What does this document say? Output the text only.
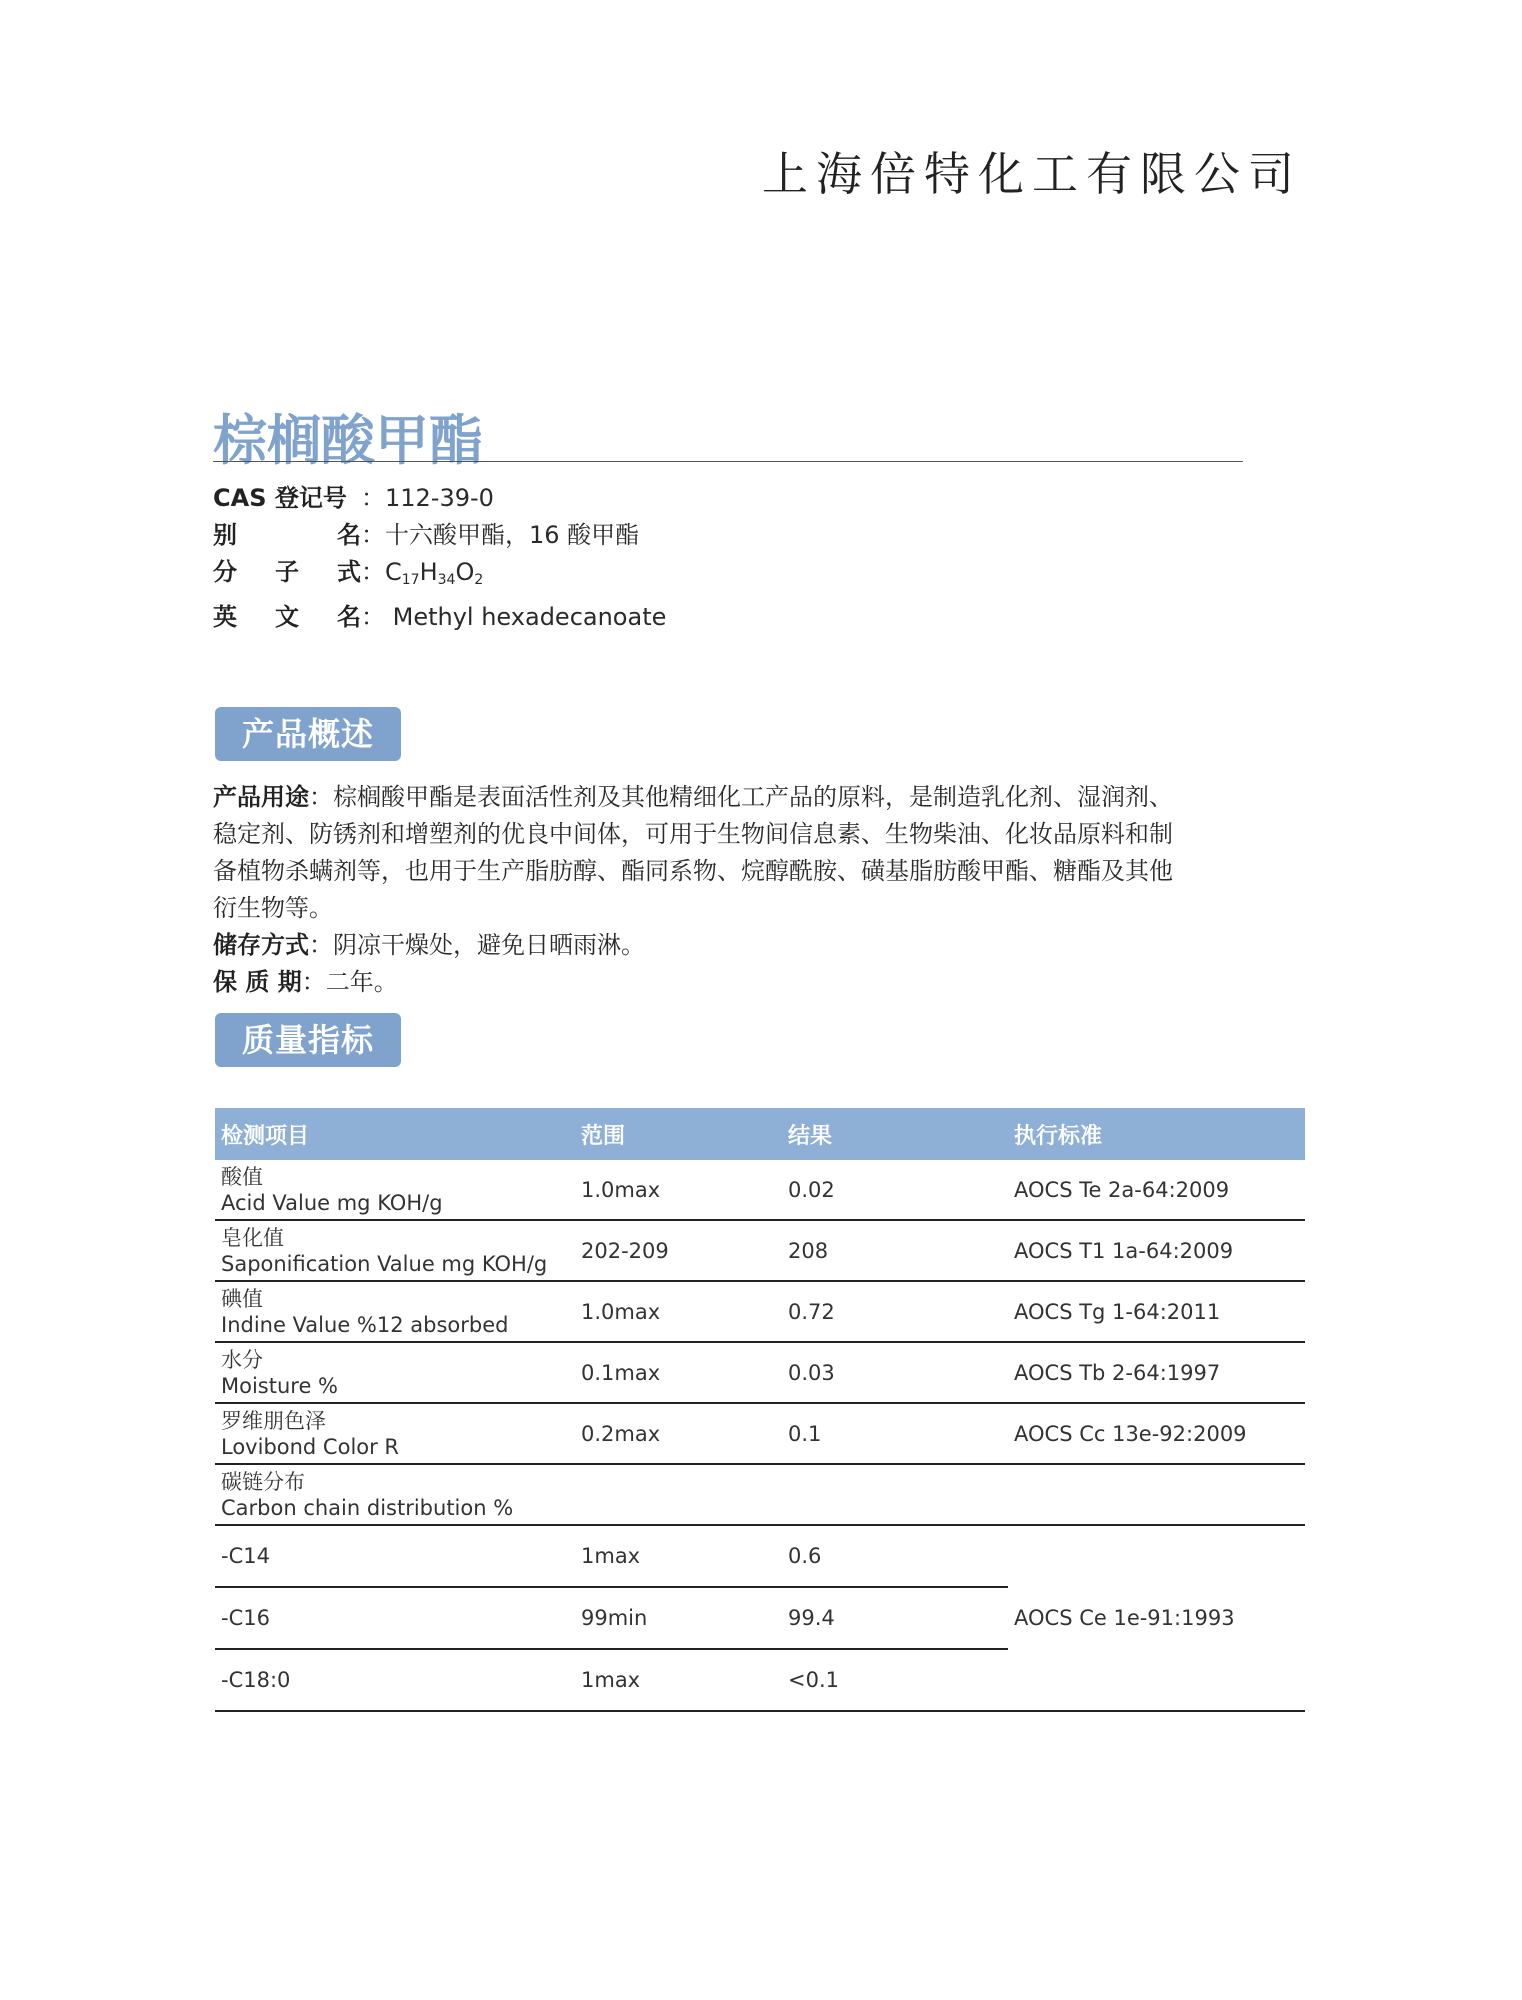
上海倍特化工有限公司
棕榈酸甲酯
CAS 登记号 ： 112-39-0
别	名 ： 十六酸甲酯，16 酸甲酯
分 子 式 ： $C_{17}H_{34}O_2$
英 文 名 ： Methyl hexadecanoate
产品概述

产品用途：棕榈酸甲酯是表面活性剂及其他精细化工产品的原料，是制造乳化剂、湿润剂、稳定剂、防锈剂和增塑剂的优良中间体，可用于生物间信息素、生物柴油、化妆品原料和制备植物杀螨剂等，也用于生产脂肪醇、酯同系物、烷醇酰胺、磺基脂肪酸甲酯、糖酯及其他衍生物等。

储存方式：阴凉干燥处，避免日晒雨淋。

保 质 期：二年。

质量指标
检测项目	范围	结果	执行标准

酸值
Acid Value mg KOH/g	1.0max	0.02	AOCS Te 2a-64:2009

皂化值
Saponification Value mg KOH/g	202-209	208	AOCS T1 1a-64:2009

碘值
Indine Value %12 absorbed	1.0max	0.72	AOCS Tg 1-64:2011

水分
Moisture %	0.1max	0.03	AOCS Tb 2-64:1997

罗维朋色泽
Lovibond Color R	0.2max	0.1	AOCS Cc 13e-92:2009

碳链分布
Carbon chain distribution %			

-C14	1max	0.6	AOCS Ce 1e-91:1993
-C16	99min	99.4	
-C18:0	1max	<0.1	
